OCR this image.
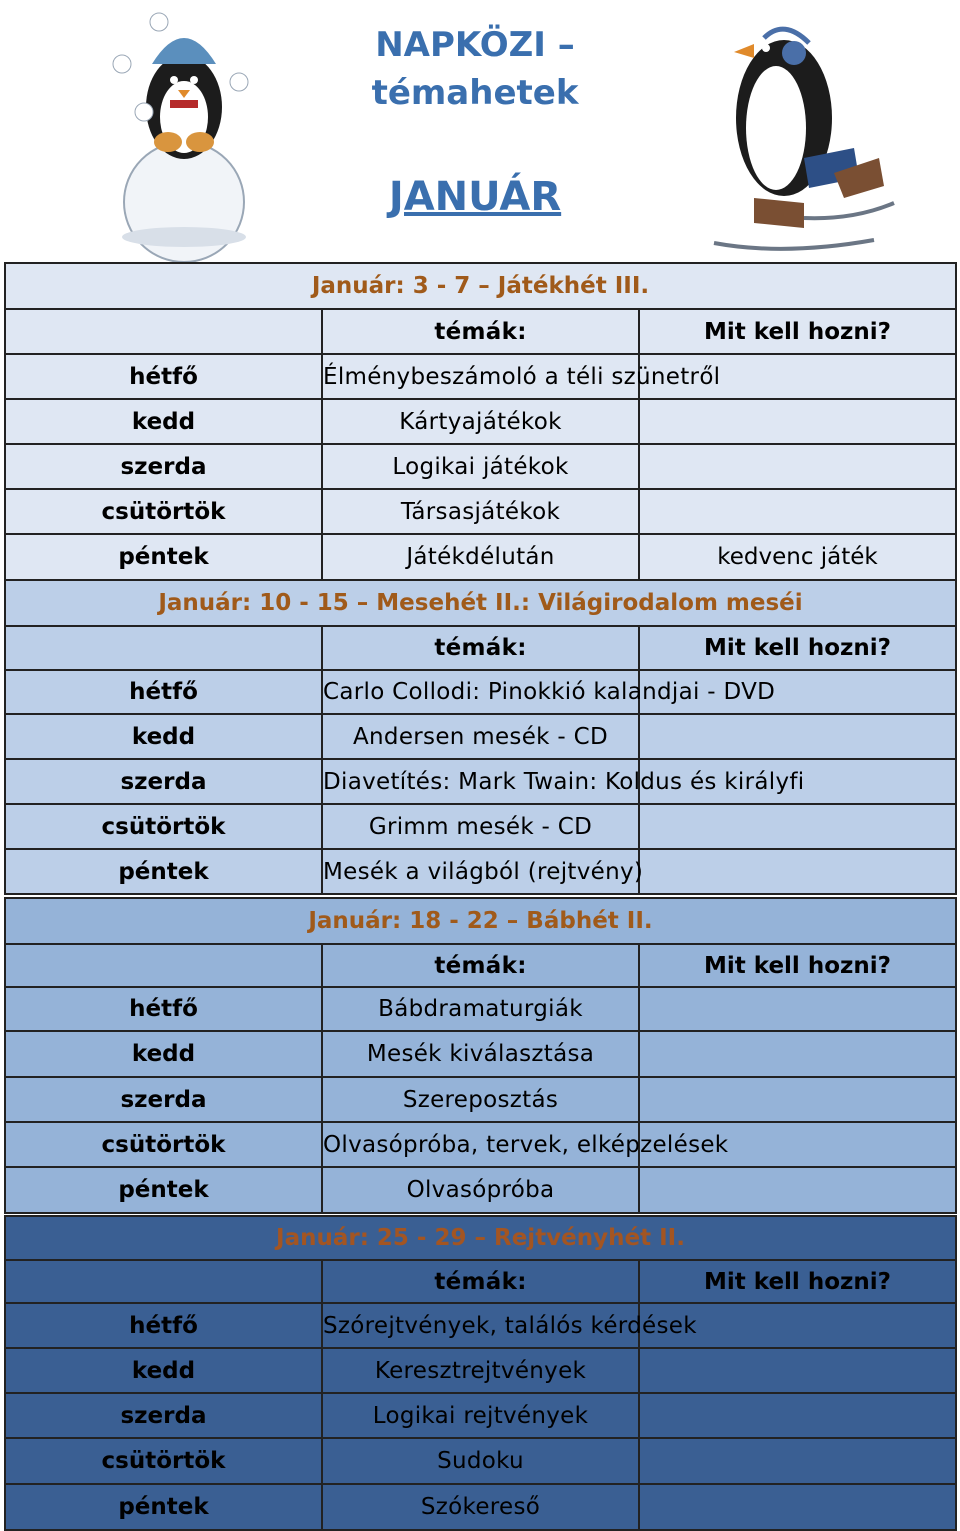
NAPKÖZI –
témahetek
JANUÁR
Január: 3 - 7 – Játékhét III.		
	témák:	Mit kell hozni?
hétfő	Élménybeszámoló a téli szünetről	
kedd	Kártyajátékok	
szerda	Logikai játékok	
csütörtök	Társasjátékok	
péntek	Játékdélután	kedvenc játék
Január: 10 - 15 – Mesehét II.: Világirodalom meséi		
	témák:	Mit kell hozni?
hétfő	Carlo Collodi: Pinokkió kalandjai - DVD	
kedd	Andersen mesék - CD	
szerda	Diavetítés: Mark Twain: Koldus és királyfi	
csütörtök	Grimm mesék - CD	
péntek	Mesék a világból (rejtvény)	
Január: 18 - 22 – Bábhét II.		
	témák:	Mit kell hozni?
hétfő	Bábdramaturgiák	
kedd	Mesék kiválasztása	
szerda	Szereposztás	
csütörtök	Olvasópróba, tervek, elképzelések	
péntek	Olvasópróba	
Január: 25 - 29 – Rejtvényhét II.		
	témák:	Mit kell hozni?
hétfő	Szórejtvények, találós kérdések	
kedd	Keresztrejtvények	
szerda	Logikai rejtvények	
csütörtök	Sudoku	
péntek	Szókereső	
